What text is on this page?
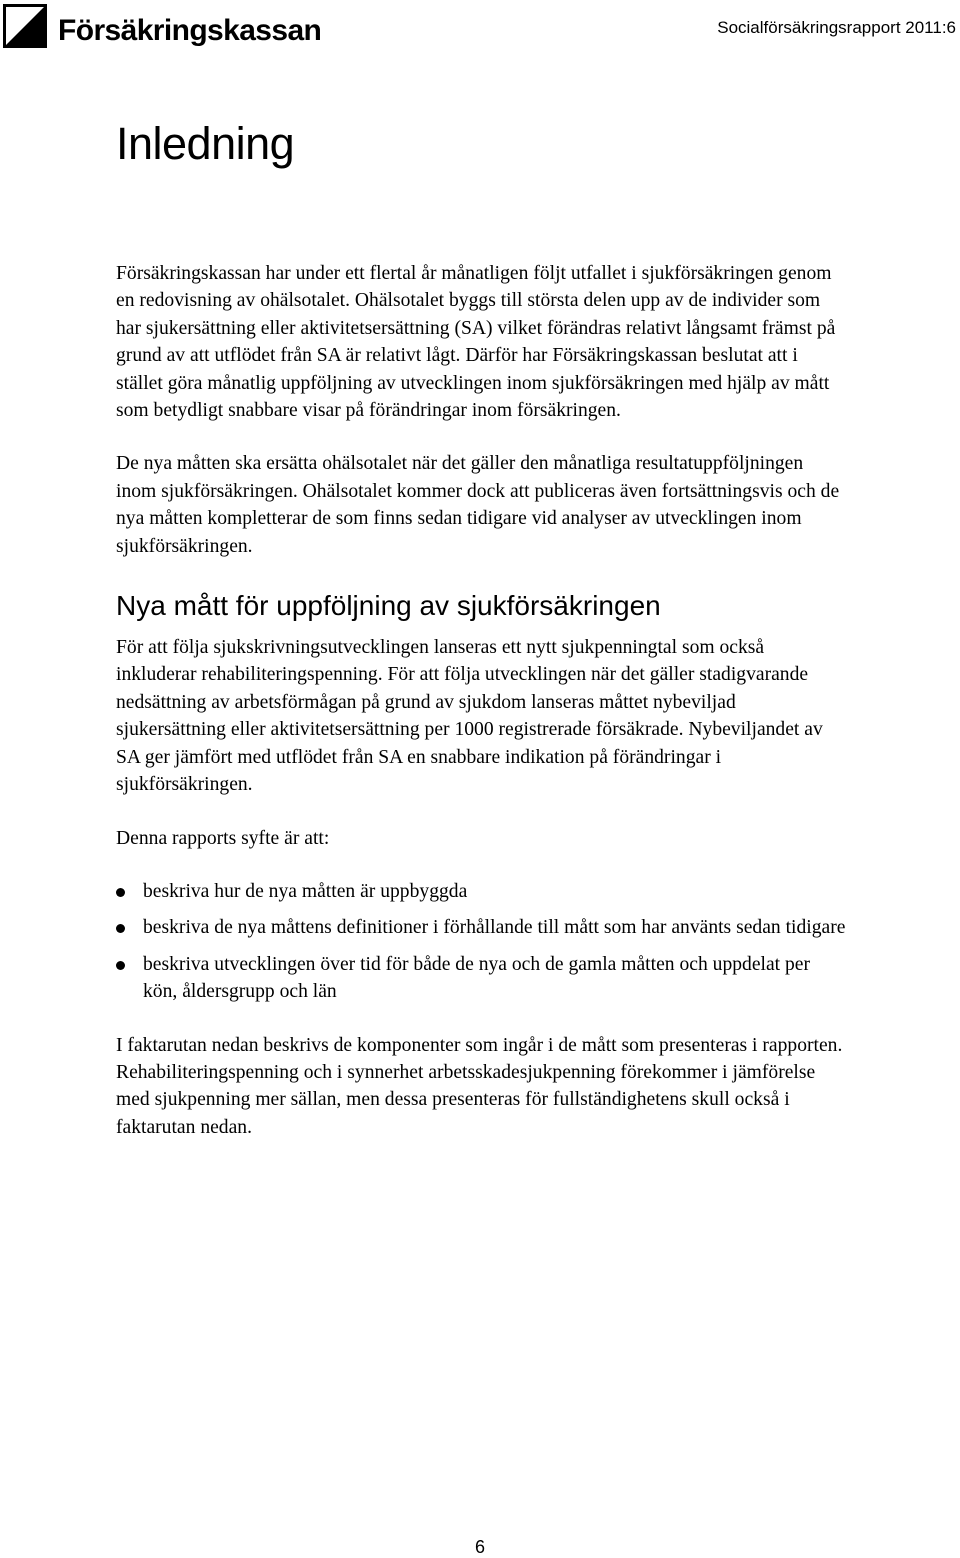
Försäkringskassan	Socialförsäkringsrapport 2011:6
Inledning

Försäkringskassan har under ett flertal år månatligen följt utfallet i sjukförsäkringen genom en redovisning av ohälsotalet. Ohälsotalet byggs till största delen upp av de individer som har sjukersättning eller aktivitetsersättning (SA) vilket förändras relativt långsamt främst på grund av att utflödet från SA är relativt lågt. Därför har Försäkringskassan beslutat att i stället göra månatlig uppföljning av utvecklingen inom sjukförsäkringen med hjälp av mått som betydligt snabbare visar på förändringar inom försäkringen.

De nya måtten ska ersätta ohälsotalet när det gäller den månatliga resultatuppföljningen inom sjukförsäkringen. Ohälsotalet kommer dock att publiceras även fortsättningsvis och de nya måtten kompletterar de som finns sedan tidigare vid analyser av utvecklingen inom sjukförsäkringen.

Nya mått för uppföljning av sjukförsäkringen

För att följa sjukskrivningsutvecklingen lanseras ett nytt sjukpenningtal som också inkluderar rehabiliteringspenning. För att följa utvecklingen när det gäller stadigvarande nedsättning av arbetsförmågan på grund av sjukdom lanseras måttet nybeviljad sjukersättning eller aktivitetsersättning per 1000 registrerade försäkrade. Nybeviljandet av SA ger jämfört med utflödet från SA en snabbare indikation på förändringar i sjukförsäkringen.

Denna rapports syfte är att:

beskriva hur de nya måtten är uppbyggda
beskriva de nya måttens definitioner i förhållande till mått som har använts sedan tidigare
beskriva utvecklingen över tid för både de nya och de gamla måtten och uppdelat per kön, åldersgrupp och län

I faktarutan nedan beskrivs de komponenter som ingår i de mått som presenteras i rapporten. Rehabiliteringspenning och i synnerhet arbetsskadesjukpenning förekommer i jämförelse med sjukpenning mer sällan, men dessa presenteras för fullständighetens skull också i faktarutan nedan.

6
